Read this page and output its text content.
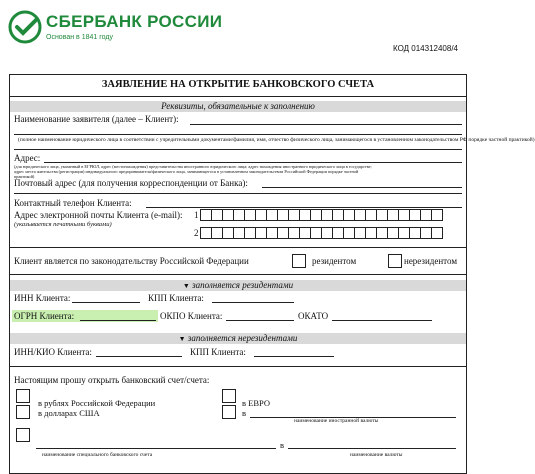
СБЕРБАНК РОССИИ
Основан в 1841 году
КОД 0143124​08/4
ЗАЯВЛЕНИЕ НА ОТКРЫТИЕ БАНКОВСКОГО СЧЕТА
Реквизиты, обязательные к заполнению
Наименование заявителя (далее – Клиент):
(полное наименование юридического лица в соответствии с учредительными документами/фамилия, имя, отчество физического лица, занимающегося в установленном законодательством РФ порядке частной практикой)
Адрес:
(для юридического лица, указанный в ЕГРЮЛ, адрес (местонахождения) представительства иностранного юридического лица; адрес нахождения иностранного юридического лица в государстве;
адрес места жительства (регистрации) индивидуального предпринимателя/физического лица, занимающегося в установленном законодательством Российской Федерации порядке частной
практикой)
Почтовый адрес (для получения корреспонденции от Банка):
Контактный телефон Клиента:
Адрес электронной почты Клиента (e-mail): 1
(указывается печатными буквами)
2
Клиент является по законодательству Российской Федерации	резидентом	нерезидентом
▼ заполняется резидентами
ИНН Клиента:	КПП Клиента:
ОГРН Клиента:	ОКПО Клиента:	ОКАТО
▼ заполняется нерезидентами
ИНН/КИО Клиента:	КПП Клиента:
Настоящим прошу открыть банковский счет/счета:
в рублях Российской Федерации	в ЕВРО
в долларах США	в
наименование иностранной валюты
в
наименование специального банковского счета	наименование валюты
